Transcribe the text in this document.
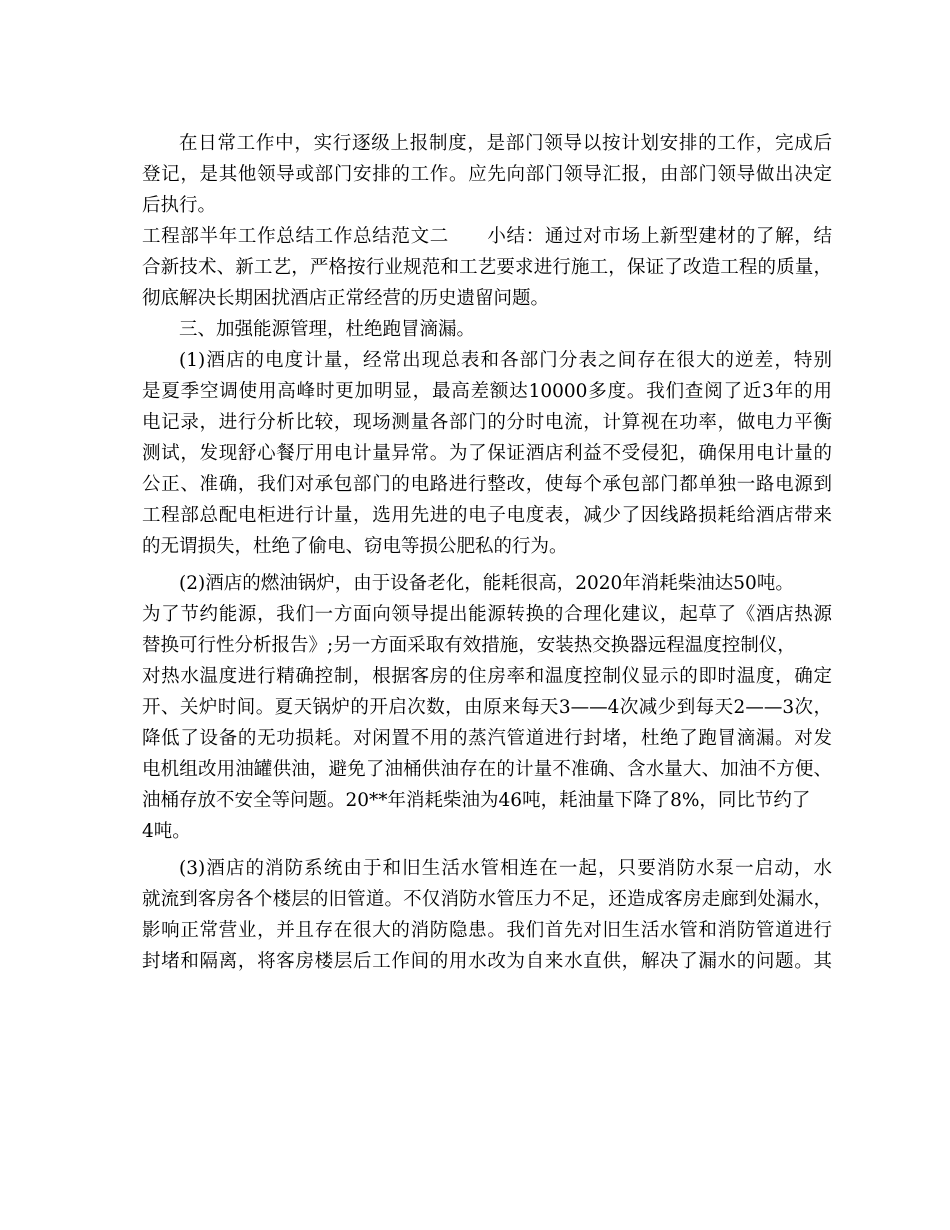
在日常工作中，实行逐级上报制度，是部门领导以按计划安排的工作，完成后
登记，是其他领导或部门安排的工作。应先向部门领导汇报，由部门领导做出决定
后执行。
工程部半年工作总结工作总结范文二　　小结：通过对市场上新型建材的了解，结
合新技术、新工艺，严格按行业规范和工艺要求进行施工，保证了改造工程的质量，
彻底解决长期困扰酒店正常经营的历史遗留问题。
三、加强能源管理，杜绝跑冒滴漏。
(1)酒店的电度计量，经常出现总表和各部门分表之间存在很大的逆差，特别
是夏季空调使用高峰时更加明显，最高差额达10000多度。我们查阅了近3年的用
电记录，进行分析比较，现场测量各部门的分时电流，计算视在功率，做电力平衡
测试，发现舒心餐厅用电计量异常。为了保证酒店利益不受侵犯，确保用电计量的
公正、准确，我们对承包部门的电路进行整改，使每个承包部门都单独一路电源到
工程部总配电柜进行计量，选用先进的电子电度表，减少了因线路损耗给酒店带来
的无谓损失，杜绝了偷电、窃电等损公肥私的行为。
(2)酒店的燃油锅炉，由于设备老化，能耗很高，2020年消耗柴油达50吨。
为了节约能源，我们一方面向领导提出能源转换的合理化建议，起草了《酒店热源
替换可行性分析报告》;另一方面采取有效措施，安装热交换器远程温度控制仪，
对热水温度进行精确控制，根据客房的住房率和温度控制仪显示的即时温度，确定
开、关炉时间。夏天锅炉的开启次数，由原来每天3——4次减少到每天2——3次，
降低了设备的无功损耗。对闲置不用的蒸汽管道进行封堵，杜绝了跑冒滴漏。对发
电机组改用油罐供油，避免了油桶供油存在的计量不准确、含水量大、加油不方便、
油桶存放不安全等问题。20**年消耗柴油为46吨，耗油量下降了8%，同比节约了
4吨。
(3)酒店的消防系统由于和旧生活水管相连在一起，只要消防水泵一启动，水
就流到客房各个楼层的旧管道。不仅消防水管压力不足，还造成客房走廊到处漏水，
影响正常营业，并且存在很大的消防隐患。我们首先对旧生活水管和消防管道进行
封堵和隔离，将客房楼层后工作间的用水改为自来水直供，解决了漏水的问题。其
